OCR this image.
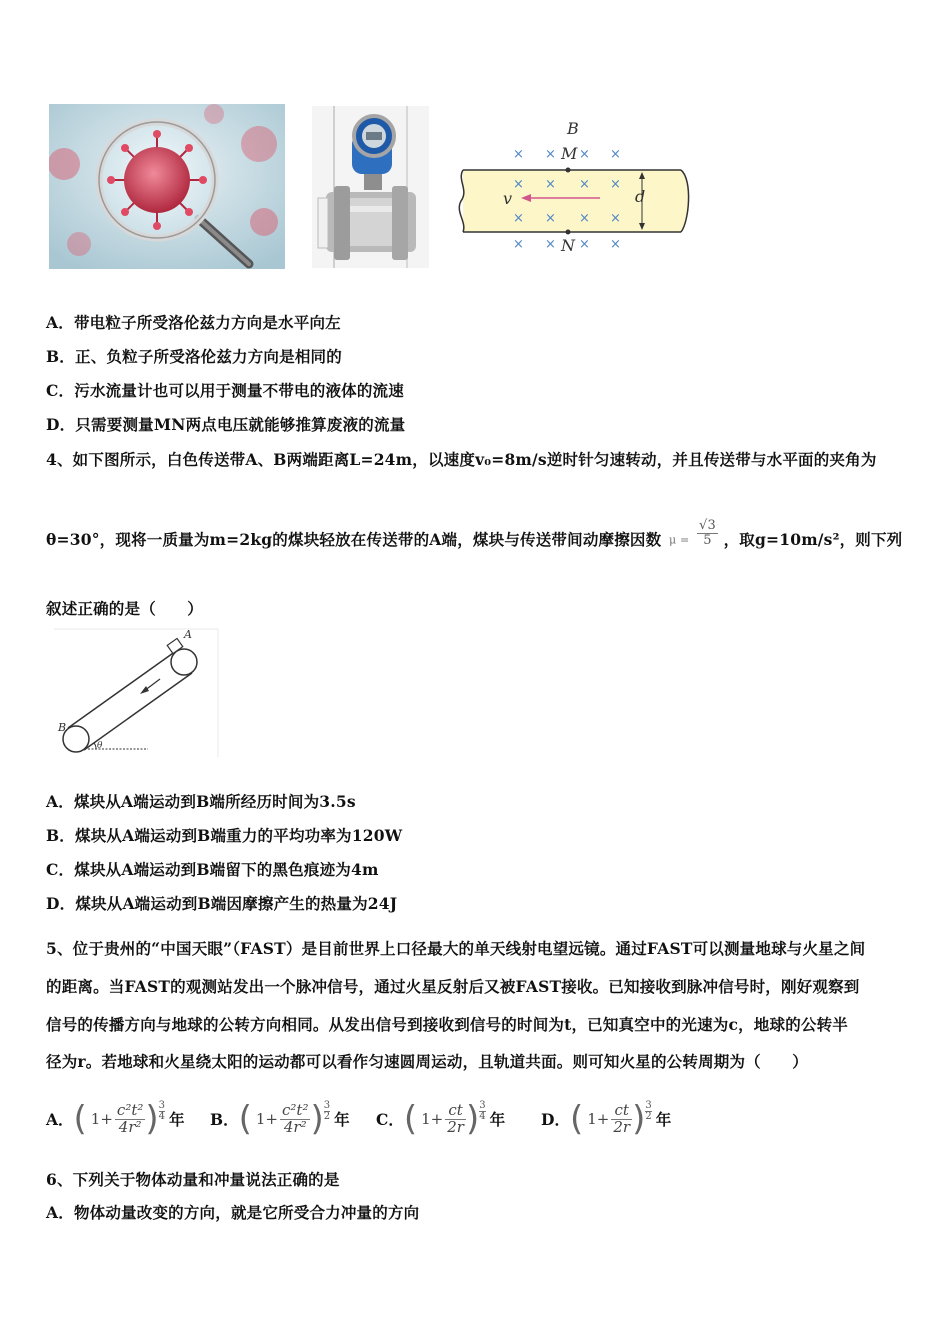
× × × ×
× × × ×
× × × ×
× × × ×
B
M
N
v	d
A．带电粒子所受洛伦兹力方向是水平向左
B．正、负粒子所受洛伦兹力方向是相同的
C．污水流量计也可以用于测量不带电的液体的流速
D．只需要测量MN两点电压就能够推算废液的流量
4、如下图所示，白色传送带A、B两端距离L=24m，以速度v₀=8m/s逆时针匀速转动，并且传送带与水平面的夹角为
θ=30°，现将一质量为m=2kg的煤块轻放在传送带的A端，煤块与传送带间动摩擦因数 $\mu = \frac{√3}{5}$ ，取g=10m/s²，则下列
叙述正确的是（　　）
A
B
θ
A．煤块从A端运动到B端所经历时间为3.5s
B．煤块从A端运动到B端重力的平均功率为120W
C．煤块从A端运动到B端留下的黑色痕迹为4m
D．煤块从A端运动到B端因摩擦产生的热量为24J
5、位于贵州的“中国天眼”（FAST）是目前世界上口径最大的单天线射电望远镜。通过FAST可以测量地球与火星之间
的距离。当FAST的观测站发出一个脉冲信号，通过火星反射后又被FAST接收。已知接收到脉冲信号时，刚好观察到
信号的传播方向与地球的公转方向相同。从发出信号到接收到信号的时间为t，已知真空中的光速为c，地球的公转半
径为r。若地球和火星绕太阳的运动都可以看作匀速圆周运动，且轨道共面。则可知火星的公转周期为（　　）
A． ( $1+ \frac{\text{c²t²}}{\text{4r²}}$ ) 3
4 年 B． ( $1+ \frac{\text{c²t²}}{\text{4r²}}$ ) 3
2 年 C． ( $1+ \frac{ct}{2r}$ ) 3
4 年 D． ( $1+ \frac{ct}{2r}$ ) 3
2 年
6、下列关于物体动量和冲量说法正确的是
A．物体动量改变的方向，就是它所受合力冲量的方向
